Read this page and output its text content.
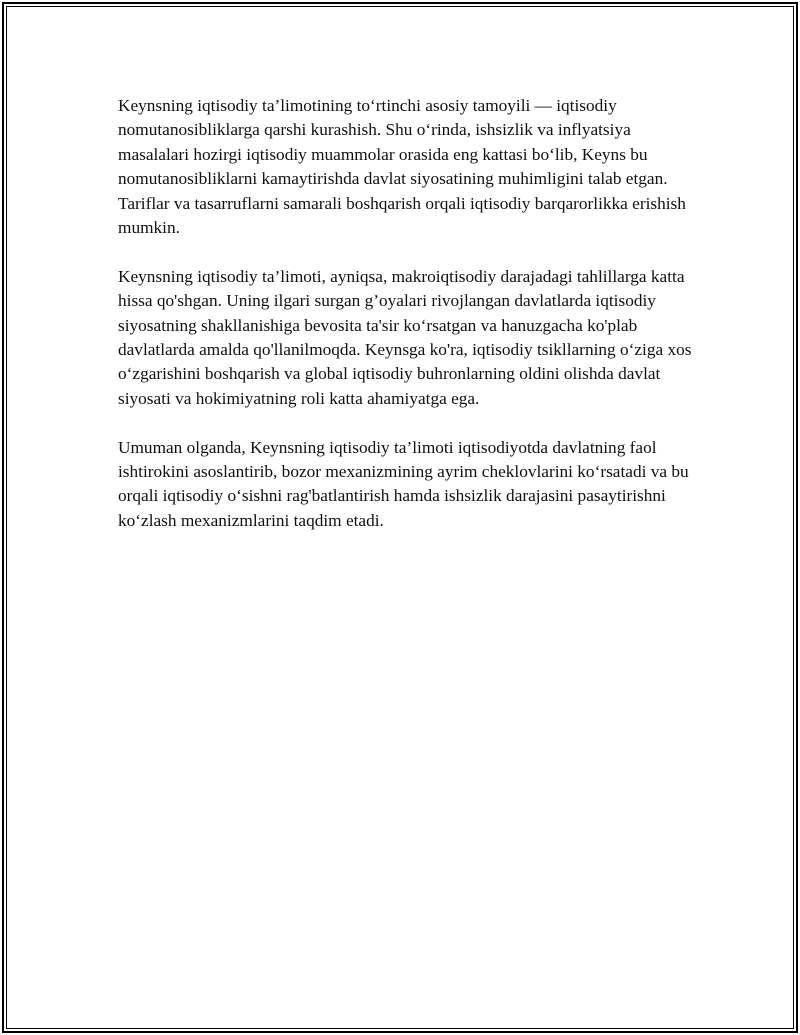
Keynsning iqtisodiy ta’limotining to‘rtinchi asosiy tamoyili — iqtisodiy nomutanosibliklarga qarshi kurashish. Shu o‘rinda, ishsizlik va inflyatsiya masalalari hozirgi iqtisodiy muammolar orasida eng kattasi bo‘lib, Keyns bu nomutanosibliklarni kamaytirishda davlat siyosatining muhimligini talab etgan. Tariflar va tasarruflarni samarali boshqarish orqali iqtisodiy barqarorlikka erishish mumkin.

Keynsning iqtisodiy ta’limoti, ayniqsa, makroiqtisodiy darajadagi tahlillarga katta hissa qo'shgan. Uning ilgari surgan g’oyalari rivojlangan davlatlarda iqtisodiy siyosatning shakllanishiga bevosita ta'sir ko‘rsatgan va hanuzgacha ko'plab davlatlarda amalda qo'llanilmoqda. Keynsga ko'ra, iqtisodiy tsikllarning o‘ziga xos o‘zgarishini boshqarish va global iqtisodiy buhronlarning oldini olishda davlat siyosati va hokimiyatning roli katta ahamiyatga ega.

Umuman olganda, Keynsning iqtisodiy ta’limoti iqtisodiyotda davlatning faol ishtirokini asoslantirib, bozor mexanizmining ayrim cheklovlarini ko‘rsatadi va bu orqali iqtisodiy o‘sishni rag'batlantirish hamda ishsizlik darajasini pasaytirishni ko‘zlash mexanizmlarini taqdim etadi.
